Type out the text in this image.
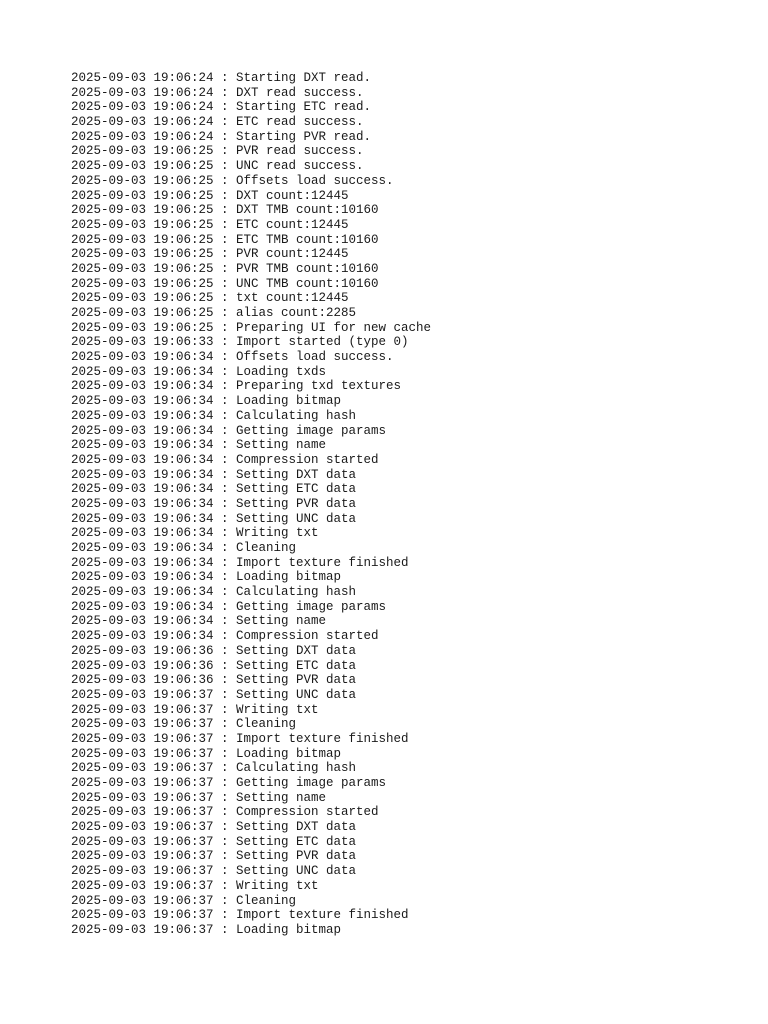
2025-09-03 19:06:24 : Starting DXT read.
2025-09-03 19:06:24 : DXT read success.
2025-09-03 19:06:24 : Starting ETC read.
2025-09-03 19:06:24 : ETC read success.
2025-09-03 19:06:24 : Starting PVR read.
2025-09-03 19:06:25 : PVR read success.
2025-09-03 19:06:25 : UNC read success.
2025-09-03 19:06:25 : Offsets load success.
2025-09-03 19:06:25 : DXT count:12445
2025-09-03 19:06:25 : DXT TMB count:10160
2025-09-03 19:06:25 : ETC count:12445
2025-09-03 19:06:25 : ETC TMB count:10160
2025-09-03 19:06:25 : PVR count:12445
2025-09-03 19:06:25 : PVR TMB count:10160
2025-09-03 19:06:25 : UNC TMB count:10160
2025-09-03 19:06:25 : txt count:12445
2025-09-03 19:06:25 : alias count:2285
2025-09-03 19:06:25 : Preparing UI for new cache
2025-09-03 19:06:33 : Import started (type 0)
2025-09-03 19:06:34 : Offsets load success.
2025-09-03 19:06:34 : Loading txds
2025-09-03 19:06:34 : Preparing txd textures
2025-09-03 19:06:34 : Loading bitmap
2025-09-03 19:06:34 : Calculating hash
2025-09-03 19:06:34 : Getting image params
2025-09-03 19:06:34 : Setting name
2025-09-03 19:06:34 : Compression started
2025-09-03 19:06:34 : Setting DXT data
2025-09-03 19:06:34 : Setting ETC data
2025-09-03 19:06:34 : Setting PVR data
2025-09-03 19:06:34 : Setting UNC data
2025-09-03 19:06:34 : Writing txt
2025-09-03 19:06:34 : Cleaning
2025-09-03 19:06:34 : Import texture finished
2025-09-03 19:06:34 : Loading bitmap
2025-09-03 19:06:34 : Calculating hash
2025-09-03 19:06:34 : Getting image params
2025-09-03 19:06:34 : Setting name
2025-09-03 19:06:34 : Compression started
2025-09-03 19:06:36 : Setting DXT data
2025-09-03 19:06:36 : Setting ETC data
2025-09-03 19:06:36 : Setting PVR data
2025-09-03 19:06:37 : Setting UNC data
2025-09-03 19:06:37 : Writing txt
2025-09-03 19:06:37 : Cleaning
2025-09-03 19:06:37 : Import texture finished
2025-09-03 19:06:37 : Loading bitmap
2025-09-03 19:06:37 : Calculating hash
2025-09-03 19:06:37 : Getting image params
2025-09-03 19:06:37 : Setting name
2025-09-03 19:06:37 : Compression started
2025-09-03 19:06:37 : Setting DXT data
2025-09-03 19:06:37 : Setting ETC data
2025-09-03 19:06:37 : Setting PVR data
2025-09-03 19:06:37 : Setting UNC data
2025-09-03 19:06:37 : Writing txt
2025-09-03 19:06:37 : Cleaning
2025-09-03 19:06:37 : Import texture finished
2025-09-03 19:06:37 : Loading bitmap
